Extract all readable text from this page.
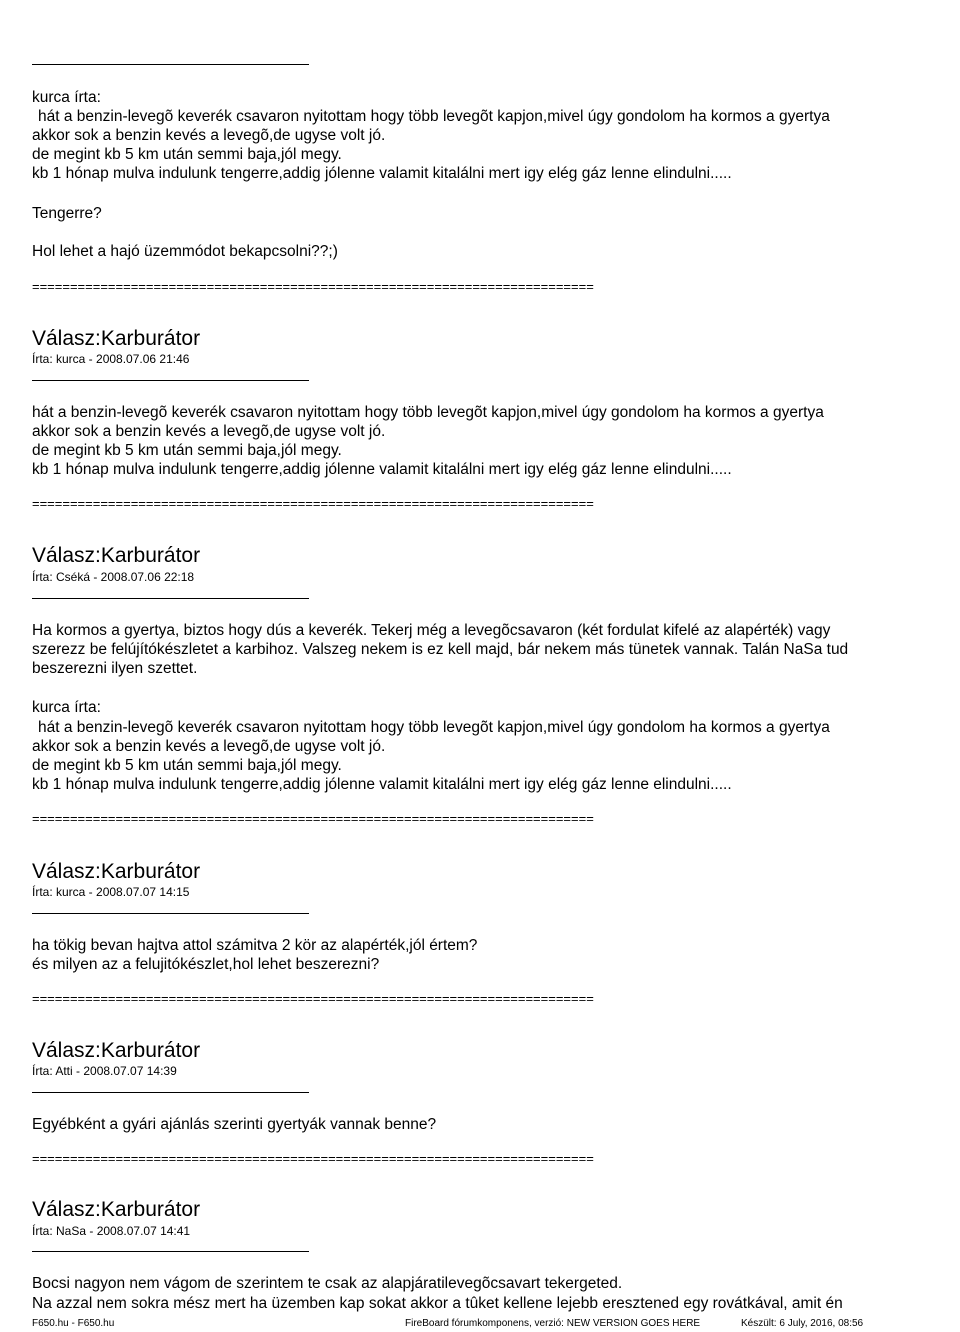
kurca írta:
hát a benzin-levegõ keverék csavaron nyitottam hogy több levegõt kapjon,mivel úgy gondolom ha kormos a gyertya
akkor sok a benzin kevés a levegõ,de ugyse volt jó.
de megint kb 5 km után semmi baja,jól megy.
kb 1 hónap mulva indulunk tengerre,addig jólenne valamit kitalálni mert igy elég gáz lenne elindulni.....
Tengerre?
Hol lehet a hajó üzemmódot bekapcsolni??;)
==========================================================================
Válasz:Karburátor
Írta: kurca - 2008.07.06 21:46
hát a benzin-levegõ keverék csavaron nyitottam hogy több levegõt kapjon,mivel úgy gondolom ha kormos a gyertya
akkor sok a benzin kevés a levegõ,de ugyse volt jó.
de megint kb 5 km után semmi baja,jól megy.
kb 1 hónap mulva indulunk tengerre,addig jólenne valamit kitalálni mert igy elég gáz lenne elindulni.....
==========================================================================
Válasz:Karburátor
Írta: Cséká - 2008.07.06 22:18
Ha kormos a gyertya, biztos hogy dús a keverék. Tekerj még a levegõcsavaron (két fordulat kifelé az alapérték) vagy
szerezz be felújítókészletet a karbihoz. Valszeg nekem is ez kell majd, bár nekem más tünetek vannak. Talán NaSa tud
beszerezni ilyen szettet.
kurca írta:
hát a benzin-levegõ keverék csavaron nyitottam hogy több levegõt kapjon,mivel úgy gondolom ha kormos a gyertya
akkor sok a benzin kevés a levegõ,de ugyse volt jó.
de megint kb 5 km után semmi baja,jól megy.
kb 1 hónap mulva indulunk tengerre,addig jólenne valamit kitalálni mert igy elég gáz lenne elindulni.....
==========================================================================
Válasz:Karburátor
Írta: kurca - 2008.07.07 14:15
ha tökig bevan hajtva attol számitva 2 kör az alapérték,jól értem?
és milyen az a felujitókészlet,hol lehet beszerezni?
==========================================================================
Válasz:Karburátor
Írta: Atti - 2008.07.07 14:39
Egyébként a gyári ajánlás szerinti gyertyák vannak benne?
==========================================================================
Válasz:Karburátor
Írta: NaSa - 2008.07.07 14:41
Bocsi nagyon nem vágom de szerintem te csak az alapjáratilevegõcsavart tekergeted.
Na azzal nem sokra mész mert ha üzemben kap sokat akkor a tûket kellene lejebb eresztened egy rovátkával, amit én
F650.hu - F650.hu	FireBoard fórumkomponens, verzió: NEW VERSION GOES HERE	Készült: 6 July, 2016, 08:56
